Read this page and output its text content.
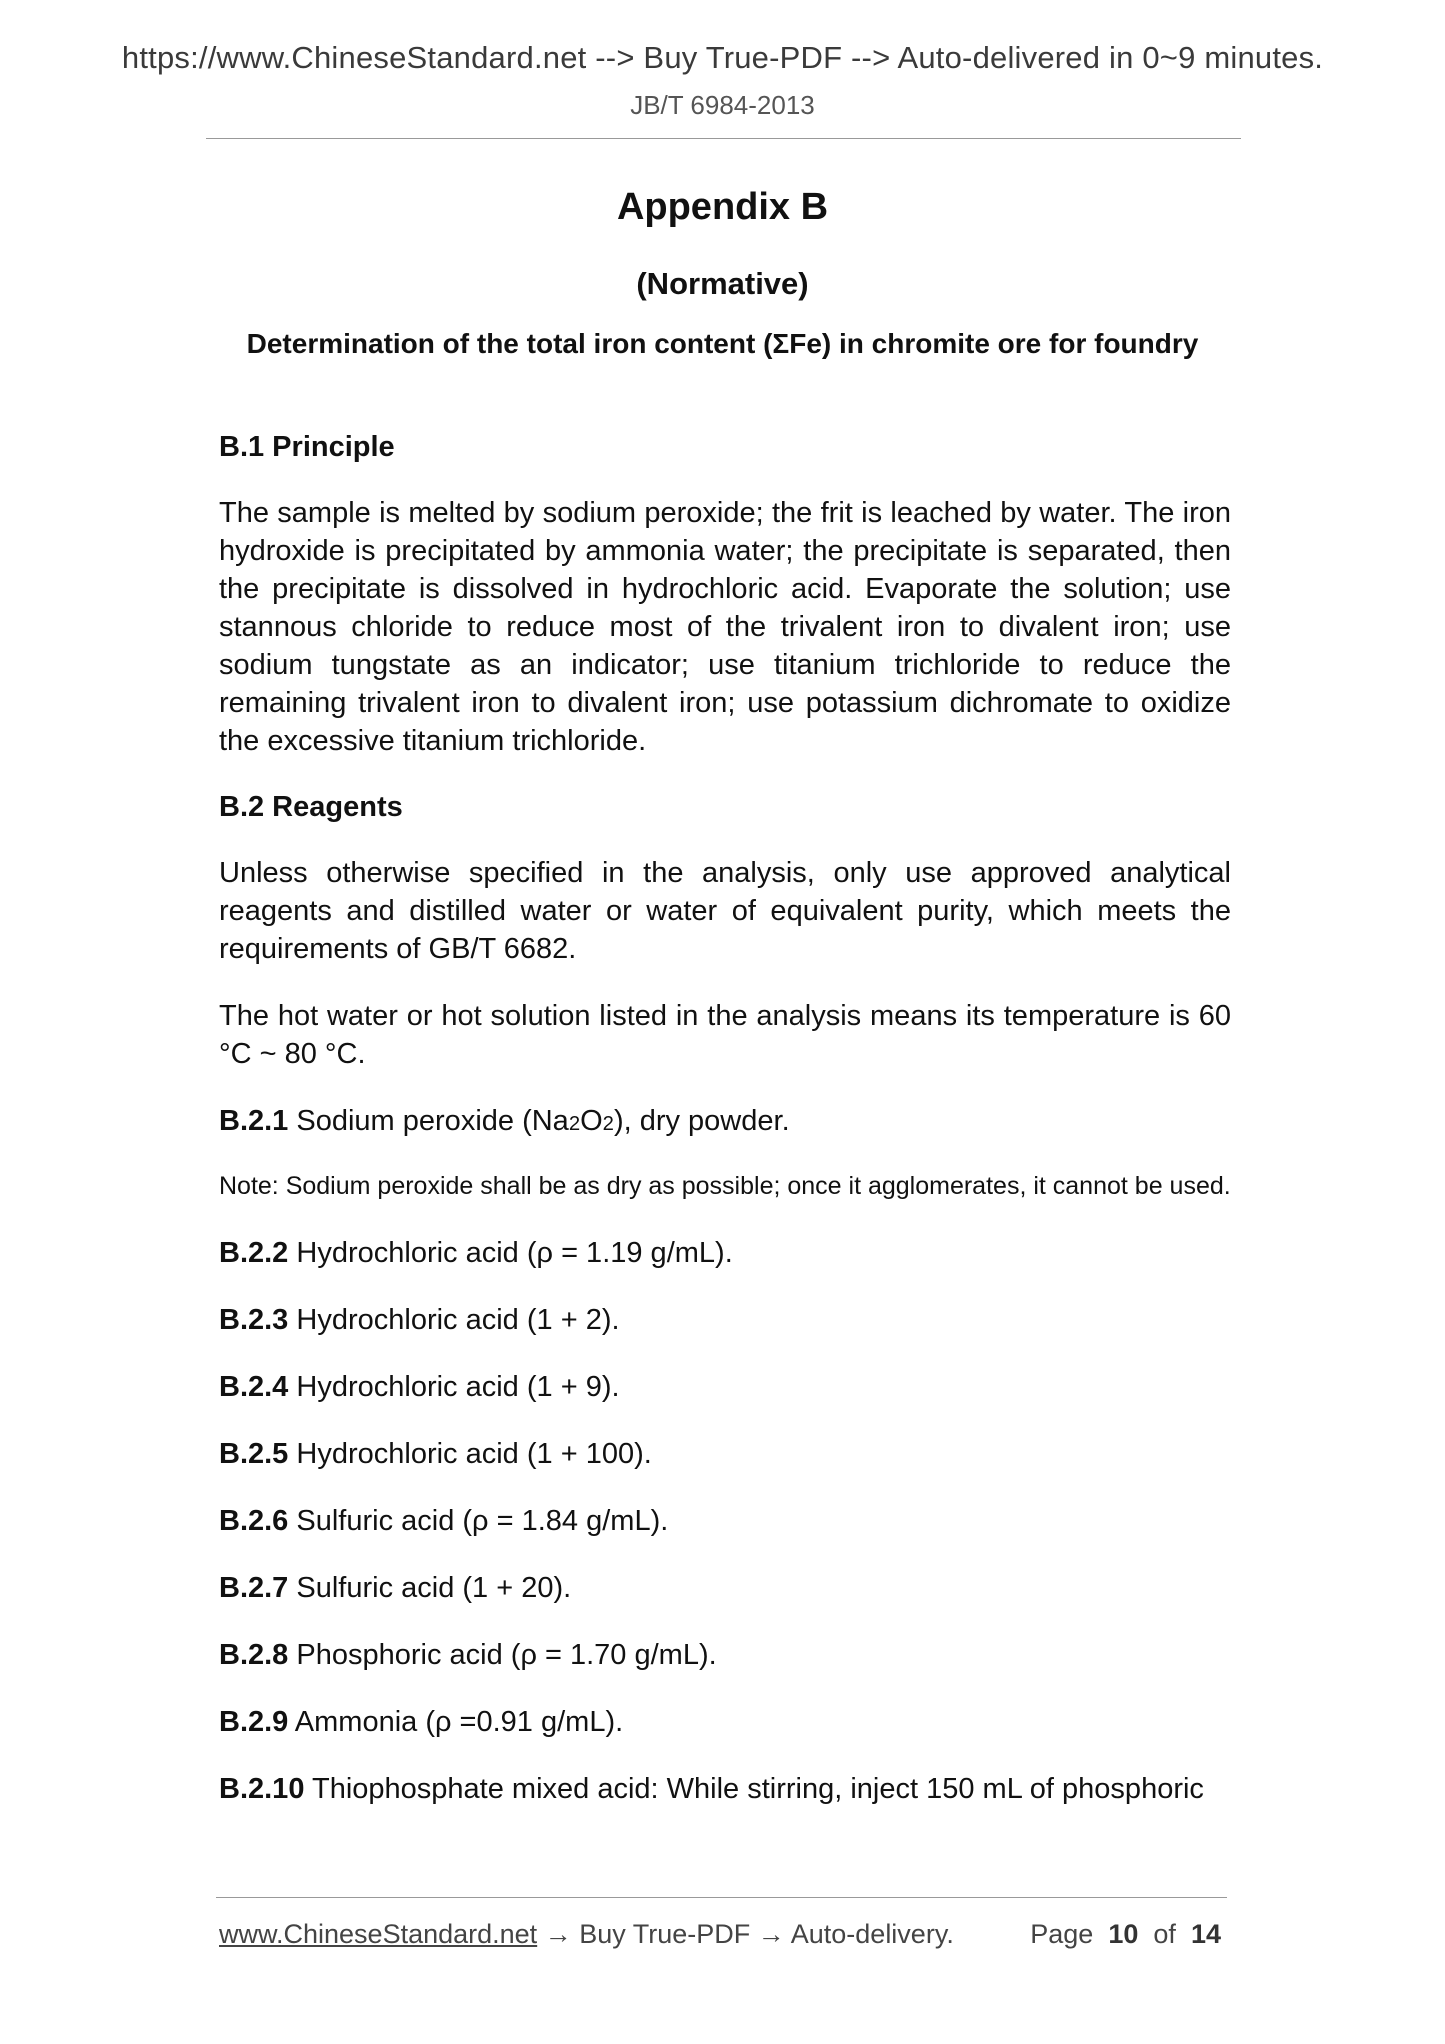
https://www.ChineseStandard.net --> Buy True-PDF --> Auto-delivered in 0~9 minutes.
JB/T 6984-2013
Appendix B
(Normative)
Determination of the total iron content (ΣFe) in chromite ore for foundry

B.1 Principle

The sample is melted by sodium peroxide; the frit is leached by water. The iron hydroxide is precipitated by ammonia water; the precipitate is separated, then the precipitate is dissolved in hydrochloric acid. Evaporate the solution; use stannous chloride to reduce most of the trivalent iron to divalent iron; use sodium tungstate as an indicator; use titanium trichloride to reduce the remaining trivalent iron to divalent iron; use potassium dichromate to oxidize the excessive titanium trichloride.

B.2 Reagents

Unless otherwise specified in the analysis, only use approved analytical reagents and distilled water or water of equivalent purity, which meets the requirements of GB/T 6682.

The hot water or hot solution listed in the analysis means its temperature is 60 °C ~ 80 °C.

B.2.1 Sodium peroxide (Na2O2), dry powder.

Note: Sodium peroxide shall be as dry as possible; once it agglomerates, it cannot be used.

B.2.2 Hydrochloric acid (ρ = 1.19 g/mL).

B.2.3 Hydrochloric acid (1 + 2).

B.2.4 Hydrochloric acid (1 + 9).

B.2.5 Hydrochloric acid (1 + 100).

B.2.6 Sulfuric acid (ρ = 1.84 g/mL).

B.2.7 Sulfuric acid (1 + 20).

B.2.8 Phosphoric acid (ρ = 1.70 g/mL).

B.2.9 Ammonia (ρ =0.91 g/mL).

B.2.10 Thiophosphate mixed acid: While stirring, inject 150 mL of phosphoric

www.ChineseStandard.net → Buy True-PDF → Auto-delivery.	Page 10 of 14
